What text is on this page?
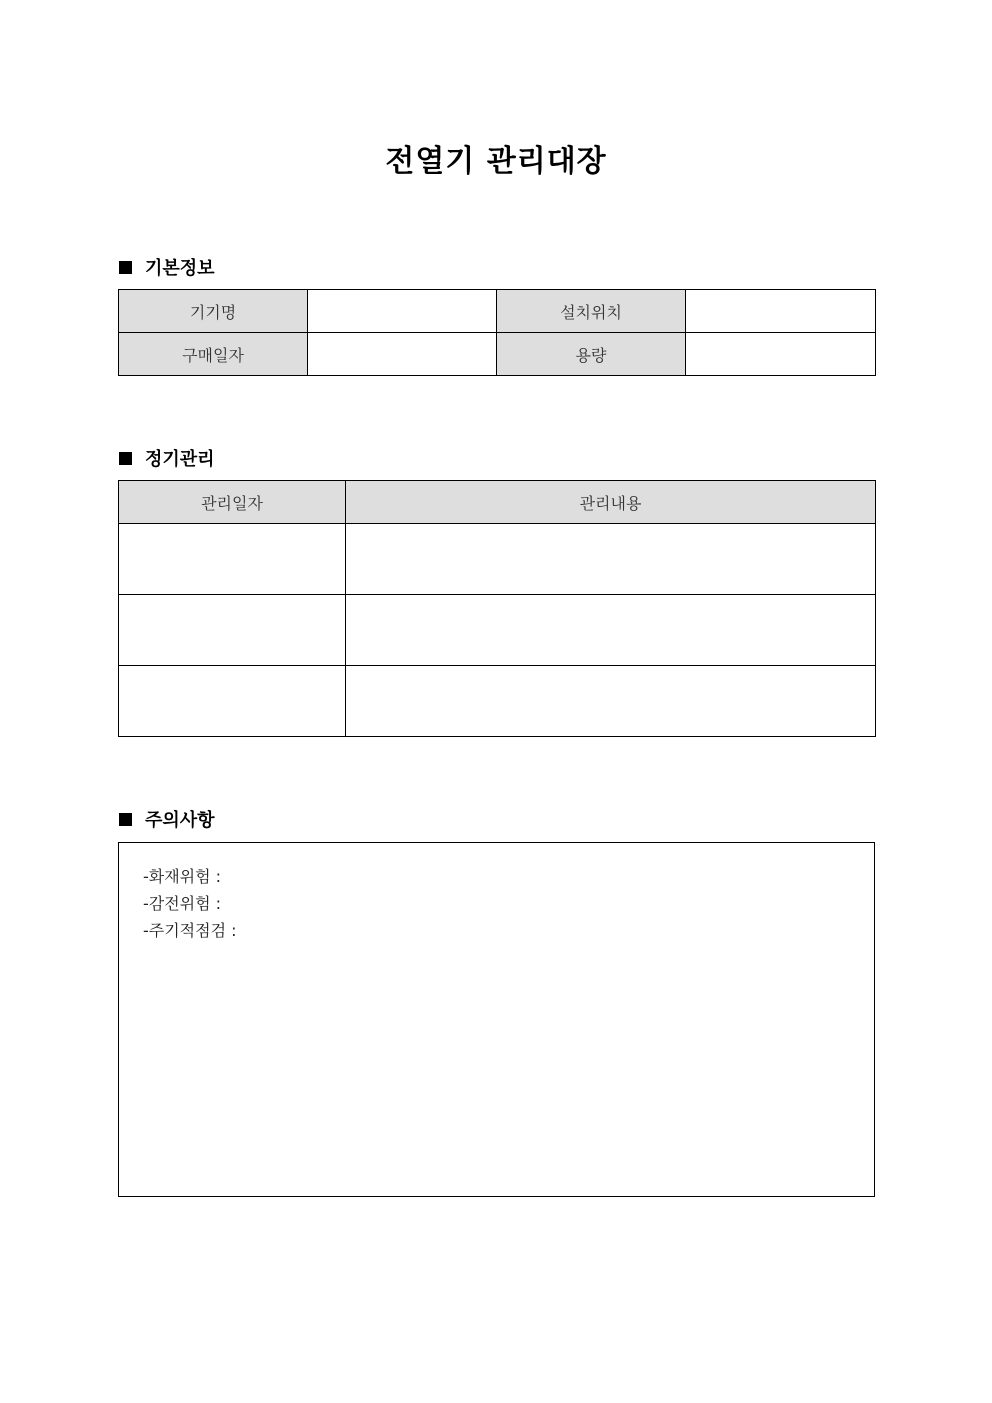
전열기 관리대장
기본정보
기기명		설치위치	
구매일자		용량	
정기관리
관리일자	관리내용

주의사항
-화재위험 :
-감전위험 :
-주기적점검 :
